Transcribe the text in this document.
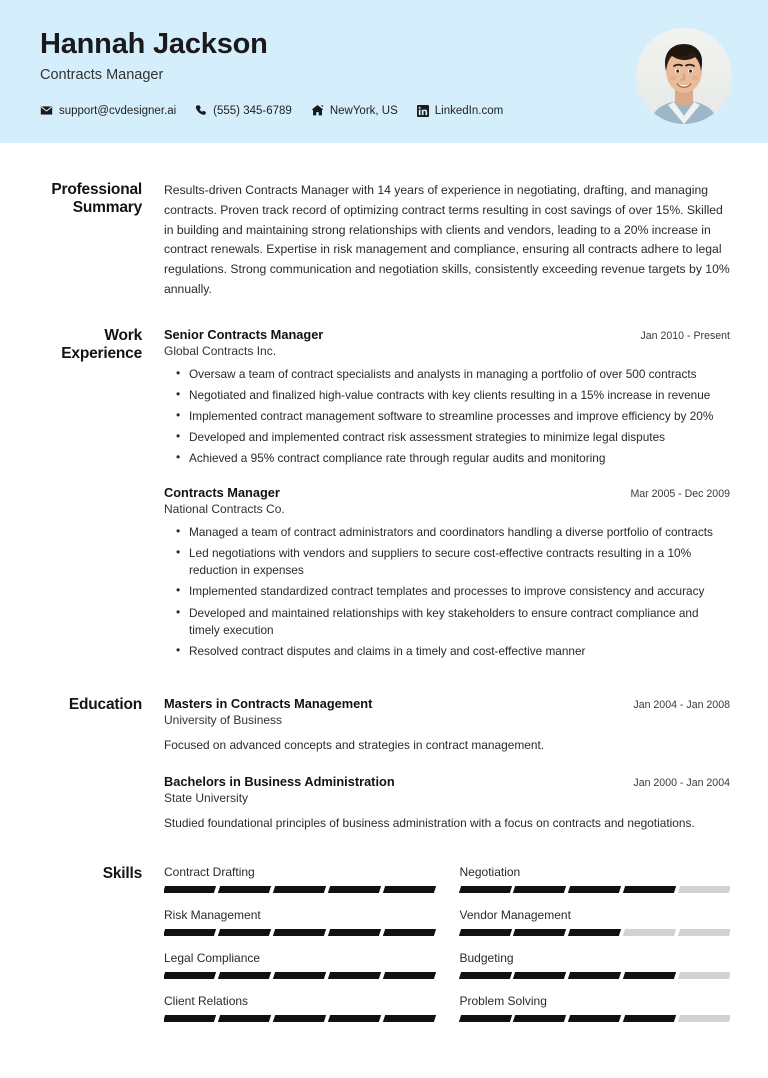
Hannah Jackson
Contracts Manager
support@cvdesigner.ai	(555) 345-6789	NewYork, US	LinkedIn.com
Professional Summary

Results-driven Contracts Manager with 14 years of experience in negotiating, drafting, and managing contracts. Proven track record of optimizing contract terms resulting in cost savings of over 15%. Skilled in building and maintaining strong relationships with clients and vendors, leading to a 20% increase in contract renewals. Expertise in risk management and compliance, ensuring all contracts adhere to legal regulations. Strong communication and negotiation skills, consistently exceeding revenue targets by 10% annually.

Work Experience
Senior Contracts Manager	Jan 2010 - Present
Global Contracts Inc.
• Oversaw a team of contract specialists and analysts in managing a portfolio of over 500 contracts
• Negotiated and finalized high-value contracts with key clients resulting in a 15% increase in revenue
• Implemented contract management software to streamline processes and improve efficiency by 20%
• Developed and implemented contract risk assessment strategies to minimize legal disputes
• Achieved a 95% contract compliance rate through regular audits and monitoring
Contracts Manager	Mar 2005 - Dec 2009
National Contracts Co.
• Managed a team of contract administrators and coordinators handling a diverse portfolio of contracts
• Led negotiations with vendors and suppliers to secure cost-effective contracts resulting in a 10% reduction in expenses
• Implemented standardized contract templates and processes to improve consistency and accuracy
• Developed and maintained relationships with key stakeholders to ensure contract compliance and timely execution
• Resolved contract disputes and claims in a timely and cost-effective manner
Education	Masters in Contracts Management	Jan 2004 - Jan 2008
University of Business
Focused on advanced concepts and strategies in contract management.
Bachelors in Business Administration	Jan 2000 - Jan 2004
State University
Studied foundational principles of business administration with a focus on contracts and negotiations.
Skills	Contract Drafting	Negotiation
Risk Management	Vendor Management
Legal Compliance	Budgeting
Client Relations	Problem Solving
